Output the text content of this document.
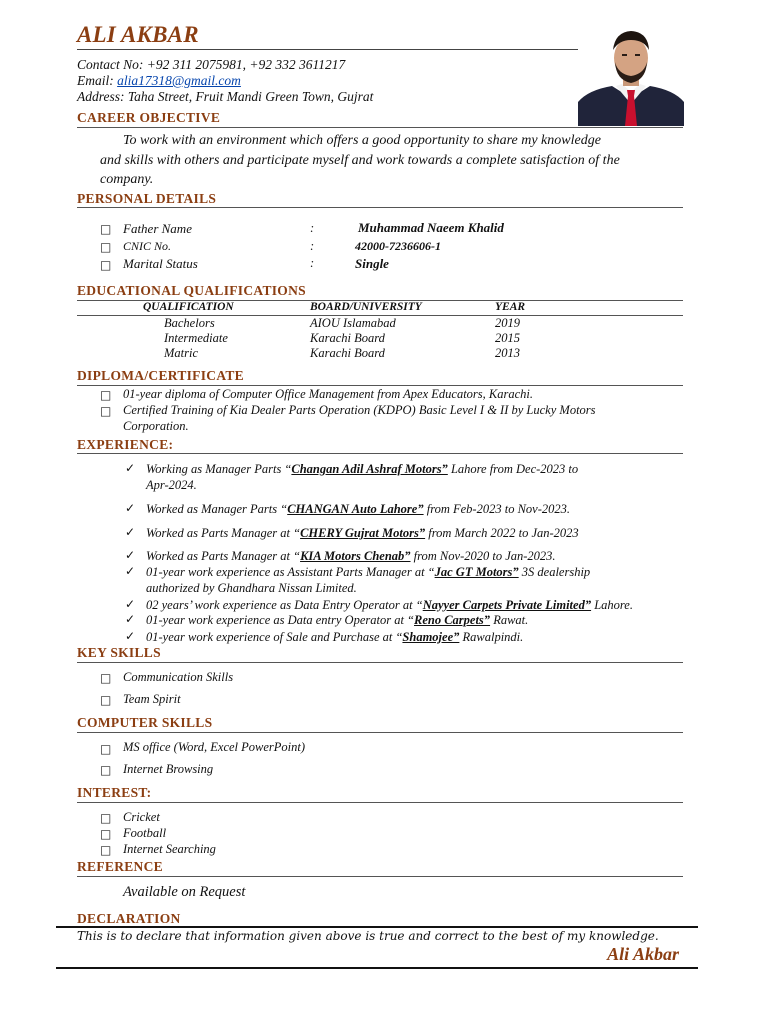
ALI AKBAR
Contact No: +92 311 2075981, +92 332 3611217
Email: alia17318@gmail.com
Address: Taha Street, Fruit Mandi Green Town, Gujrat
CAREER OBJECTIVE
To work with an environment which offers a good opportunity to share my knowledge
and skills with others and participate myself and work towards a complete satisfaction of the
company.
PERSONAL DETAILS
□ Father Name	:	Muhammad Naeem Khalid
□ CNIC No.	:	42000-7236606-1
□ Marital Status	:	Single
EDUCATIONAL QUALIFICATIONS
QUALIFICATION	BOARD/UNIVERSITY	YEAR
Bachelors	AIOU Islamabad	2019
Intermediate	Karachi Board	2015
Matric	Karachi Board	2013
DIPLOMA/CERTIFICATE
□ 01-year diploma of Computer Office Management from Apex Educators, Karachi.
□ Certified Training of Kia Dealer Parts Operation (KDPO) Basic Level I & II by Lucky Motors
Corporation.
EXPERIENCE:
✓ Working as Manager Parts “Changan Adil Ashraf Motors” Lahore from Dec-2023 to
Apr-2024.
✓ Worked as Manager Parts “CHANGAN Auto Lahore” from Feb-2023 to Nov-2023.
✓ Worked as Parts Manager at “CHERY Gujrat Motors” from March 2022 to Jan-2023
✓ Worked as Parts Manager at “KIA Motors Chenab” from Nov-2020 to Jan-2023.
✓ 01-year work experience as Assistant Parts Manager at “Jac GT Motors” 3S dealership
authorized by Ghandhara Nissan Limited.
✓ 02 years’ work experience as Data Entry Operator at “Nayyer Carpets Private Limited” Lahore.
✓ 01-year work experience as Data entry Operator at “Reno Carpets” Rawat.
✓ 01-year work experience of Sale and Purchase at “Shamojee” Rawalpindi.
KEY SKILLS
□ Communication Skills
□ Team Spirit
COMPUTER SKILLS
□ MS office (Word, Excel PowerPoint)
□ Internet Browsing
INTEREST:
□ Cricket
□ Football
□ Internet Searching
REFERENCE
Available on Request
DECLARATION
This is to declare that information given above is true and correct to the best of my knowledge.
Ali Akbar
